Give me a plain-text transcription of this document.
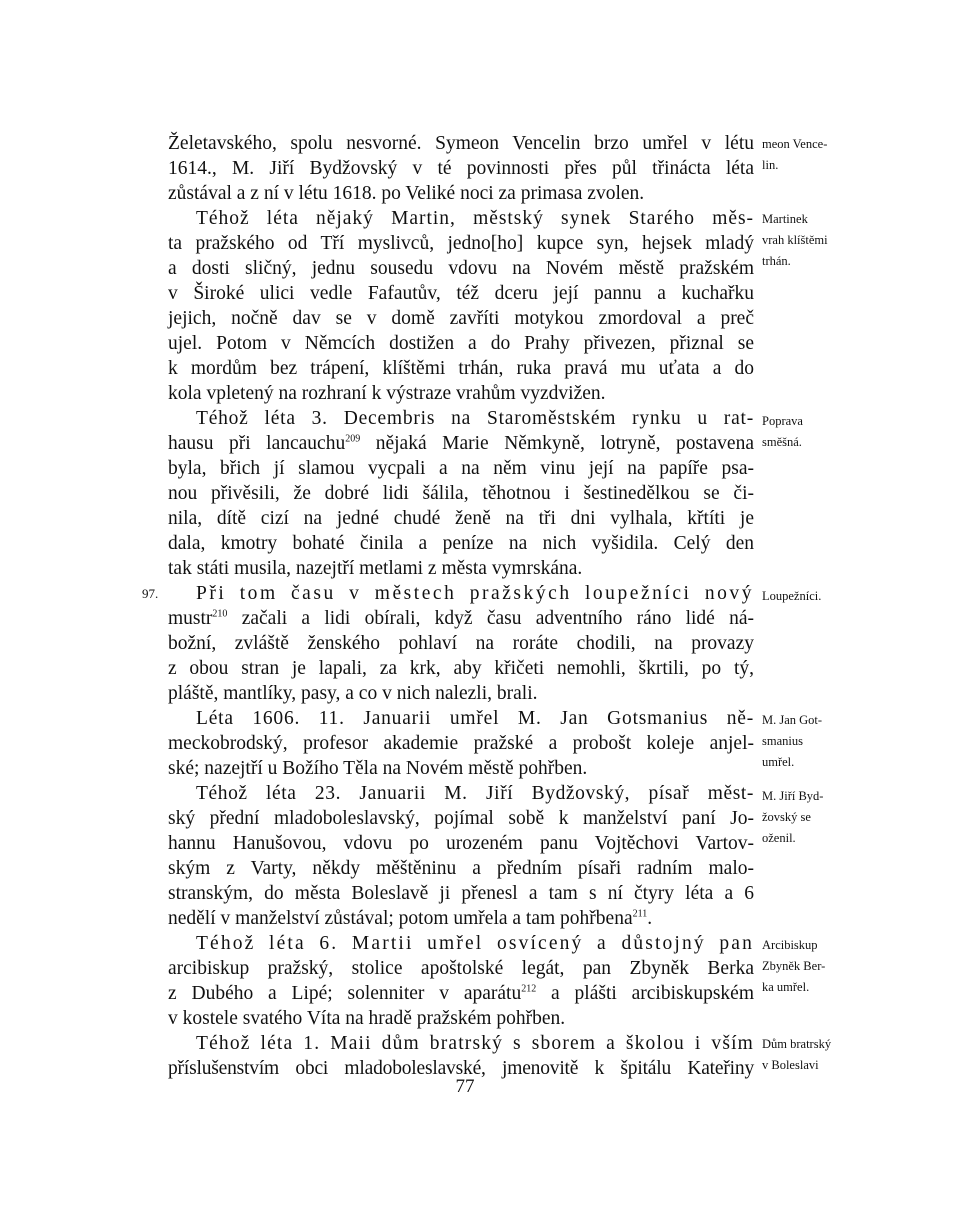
Želetavského, spolu nesvorné. Symeon Vencelin brzo umřel v létu
1614., M. Jiří Bydžovský v té povinnosti přes půl třinácta léta
zůstával a z ní v létu 1618. po Veliké noci za primasa zvolen.
Téhož léta nějaký Martin, městský synek Starého měs-
ta pražského od Tří myslivců, jedno[ho] kupce syn, hejsek mladý
a dosti sličný, jednu sousedu vdovu na Novém městě pražském
v Široké ulici vedle Fafautův, též dceru její pannu a kuchařku
jejich, nočně dav se v domě zavříti motykou zmordoval a preč
ujel. Potom v Němcích dostižen a do Prahy přivezen, přiznal se
k mordům bez trápení, klíštěmi trhán, ruka pravá mu uťata a do
kola vpletený na rozhraní k výstraze vrahům vyzdvižen.
Téhož léta 3. Decembris na Staroměstském rynku u rat-
hausu při lancauchu$^{209}$ nějaká Marie Němkyně, lotryně, postavena
byla, břich jí slamou vycpali a na něm vinu její na papíře psa-
nou přivěsili, že dobré lidi šálila, těhotnou i šestinedělkou se či-
nila, dítě cizí na jedné chudé ženě na tři dni vylhala, křtíti je
dala, kmotry bohaté činila a peníze na nich vyšidila. Celý den
tak státi musila, nazejtří metlami z města vymrskána.
97.	Při tom času v městech pražských loupežníci nový
mustr$^{210}$ začali a lidi obírali, když času adventního ráno lidé ná-
božní, zvláště ženského pohlaví na roráte chodili, na provazy
z obou stran je lapali, za krk, aby křičeti nemohli, škrtili, po tý,
pláště, mantlíky, pasy, a co v nich nalezli, brali.
Léta 1606. 11. Januarii umřel M. Jan Gotsmanius ně-
meckobrodský, profesor akademie pražské a probošt koleje anjel-
ské; nazejtří u Božího Těla na Novém městě pohřben.
Téhož léta 23. Januarii M. Jiří Bydžovský, písař měst-
ský přední mladoboleslavský, pojímal sobě k manželství paní Jo-
hannu Hanušovou, vdovu po urozeném panu Vojtěchovi Vartov-
ským z Varty, někdy měštěninu a předním písaři radním malo-
stranským, do města Boleslavě ji přenesl a tam s ní čtyry léta a 6
nedělí v manželství zůstával; potom umřela a tam pohřbena$^{211}$.
Téhož léta 6. Martii umřel osvícený a důstojný pan
arcibiskup pražský, stolice apoštolské legát, pan Zbyněk Berka
z Dubého a Lipé; solenniter v aparátu$^{212}$ a plášti arcibiskupském
v kostele svatého Víta na hradě pražském pohřben.
Téhož léta 1. Maii dům bratrský s sborem a školou i vším
příslušenstvím obci mladoboleslavské, jmenovitě k špitálu Kateřiny
meon Vence-
lin.
Martinek
vrah klíštěmi
trhán.
Poprava
směšná.
Loupežníci.
M. Jan Got-
smanius
umřel.
M. Jiří Byd-
žovský se
oženil.
Arcibiskup
Zbyněk Ber-
ka umřel.
Dům bratrský
v Boleslavi
77
